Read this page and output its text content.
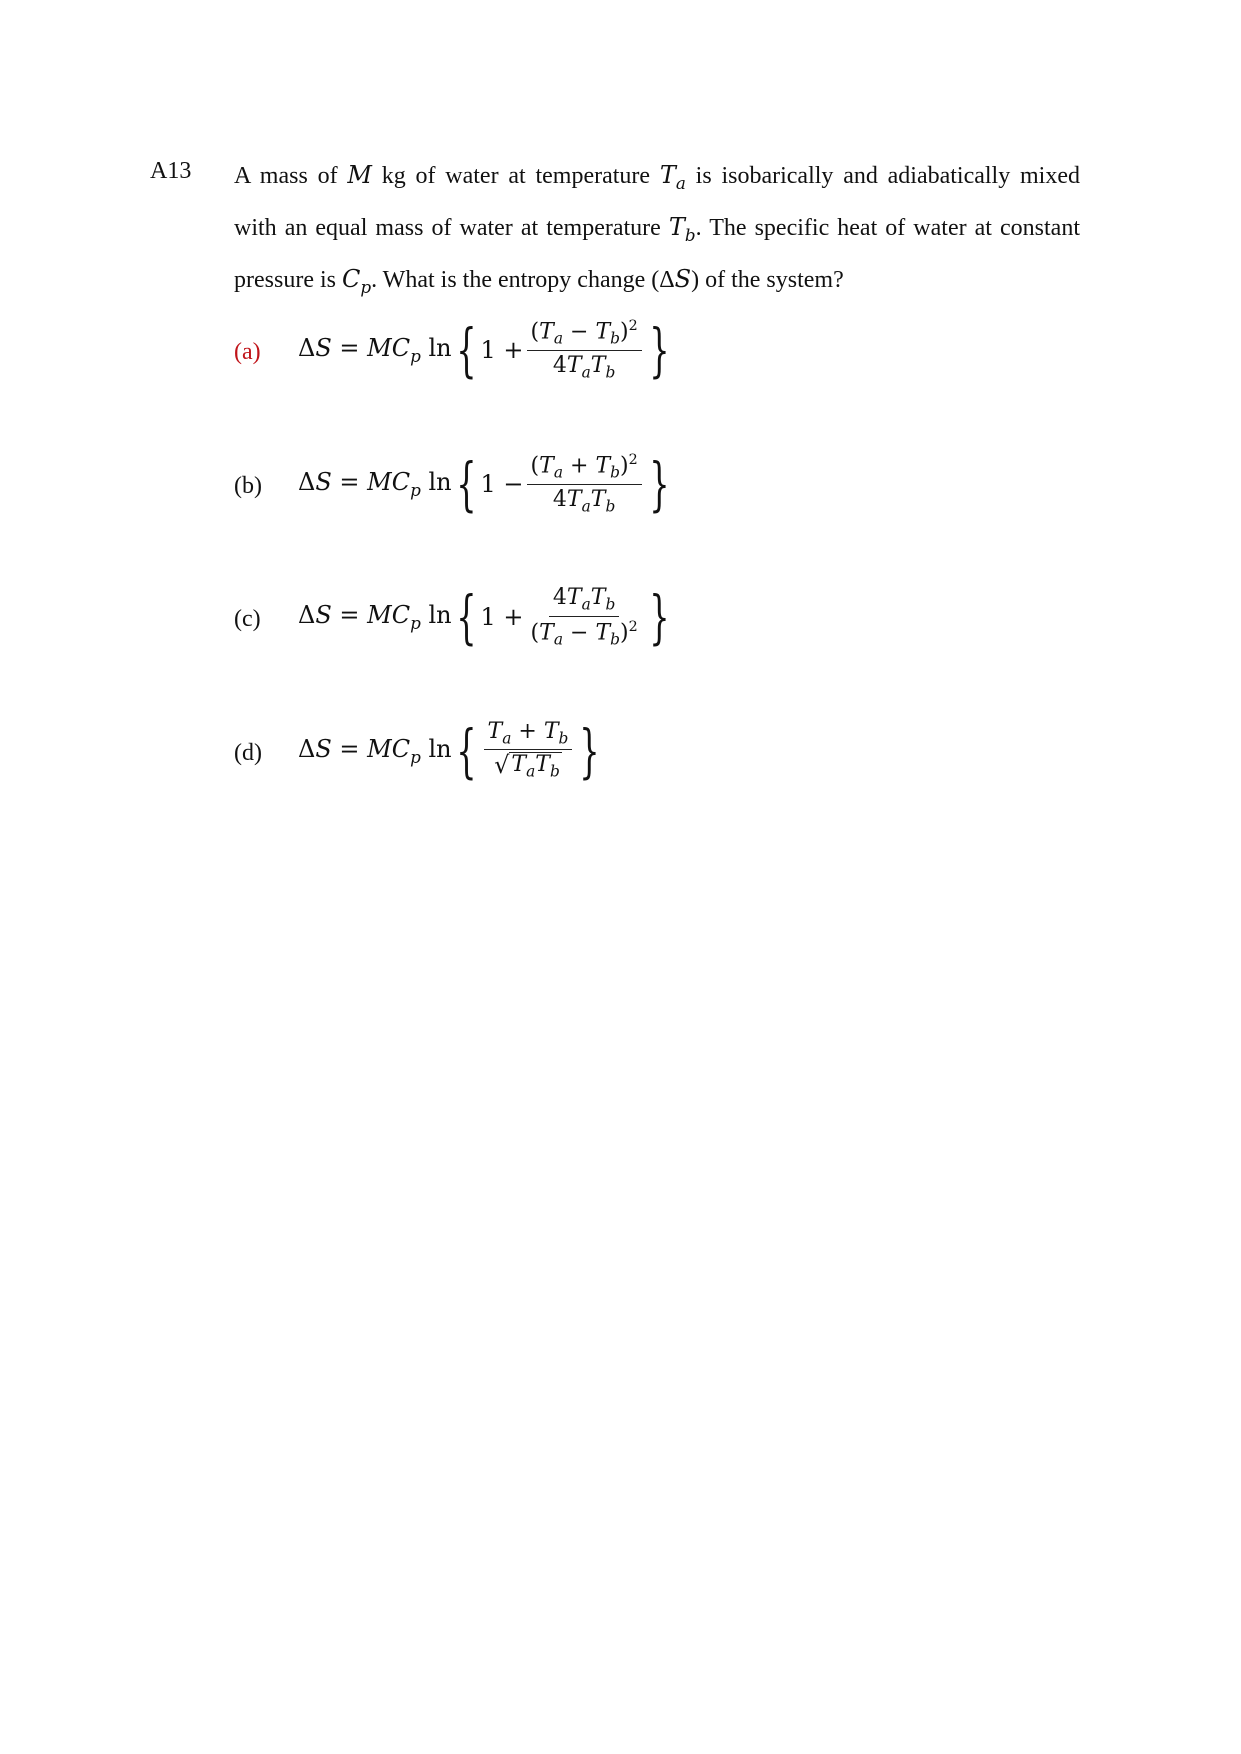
A13 A mass of M kg of water at temperature $T_a$ is isobarically and adiabatically mixed
with an equal mass of water at temperature $T_b$. The specific heat of water at constant
pressure is $C_p$. What is the entropy change (ΔS) of the system?
(a) $\Delta S = MC_p$ ln { $1 + \frac{(T_a - T_b)^2}{4T_aT_b}$ }
(b) $\Delta S = MC_p$ ln { $1 - \frac{(T_a + T_b)^2}{4T_aT_b}$ }
(c) $\Delta S = MC_p$ ln { $1 + \frac{4T_aT_b}{(T_a - T_b)^2}$ }
(d) $\Delta S = MC_p$ ln { $\frac{T_a + T_b}{√ T_aT_b}$ }
